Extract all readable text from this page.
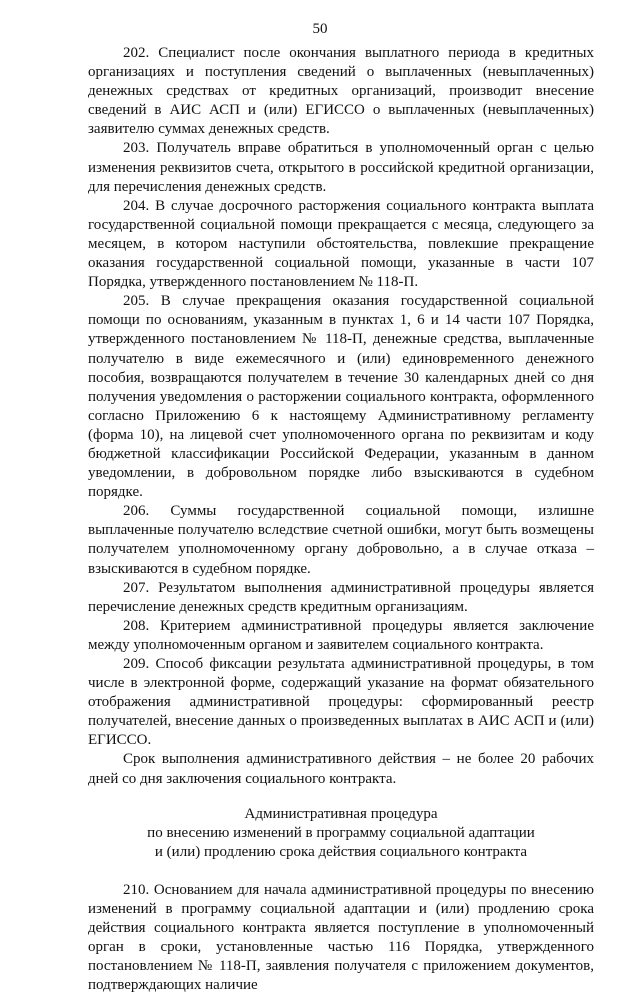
50

202. Специалист после окончания выплатного периода в кредитных организациях и поступления сведений о выплаченных (невыплаченных) денежных средствах от кредитных организаций, производит внесение сведений в АИС АСП и (или) ЕГИССО о выплаченных (невыплаченных) заявителю суммах денежных средств.

203. Получатель вправе обратиться в уполномоченный орган с целью изменения реквизитов счета, открытого в российской кредитной организации, для перечисления денежных средств.

204. В случае досрочного расторжения социального контракта выплата государственной социальной помощи прекращается с месяца, следующего за месяцем, в котором наступили обстоятельства, повлекшие прекращение оказания государственной социальной помощи, указанные в части 107 Порядка, утвержденного постановлением № 118-П.

205. В случае прекращения оказания государственной социальной помощи по основаниям, указанным в пунктах 1, 6 и 14 части 107 Порядка, утвержденного постановлением № 118-П, денежные средства, выплаченные получателю в виде ежемесячного и (или) единовременного денежного пособия, возвращаются получателем в течение 30 календарных дней со дня получения уведомления о расторжении социального контракта, оформленного согласно Приложению 6 к настоящему Административному регламенту (форма 10), на лицевой счет уполномоченного органа по реквизитам и коду бюджетной классификации Российской Федерации, указанным в данном уведомлении, в добровольном порядке либо взыскиваются в судебном порядке.

206. Суммы государственной социальной помощи, излишне выплаченные получателю вследствие счетной ошибки, могут быть возмещены получателем уполномоченному органу добровольно, а в случае отказа – взыскиваются в судебном порядке.

207. Результатом выполнения административной процедуры является перечисление денежных средств кредитным организациям.

208. Критерием административной процедуры является заключение между уполномоченным органом и заявителем социального контракта.

209. Способ фиксации результата административной процедуры, в том числе в электронной форме, содержащий указание на формат обязательного отображения административной процедуры: сформированный реестр получателей, внесение данных о произведенных выплатах в АИС АСП и (или) ЕГИССО.

Срок выполнения административного действия – не более 20 рабочих дней со дня заключения социального контракта.

Административная процедура
по внесению изменений в программу социальной адаптации
и (или) продлению срока действия социального контракта

210. Основанием для начала административной процедуры по внесению изменений в программу социальной адаптации и (или) продлению срока действия социального контракта является поступление в уполномоченный орган в сроки, установленные частью 116 Порядка, утвержденного постановлением № 118-П, заявления получателя с приложением документов, подтверждающих наличие
